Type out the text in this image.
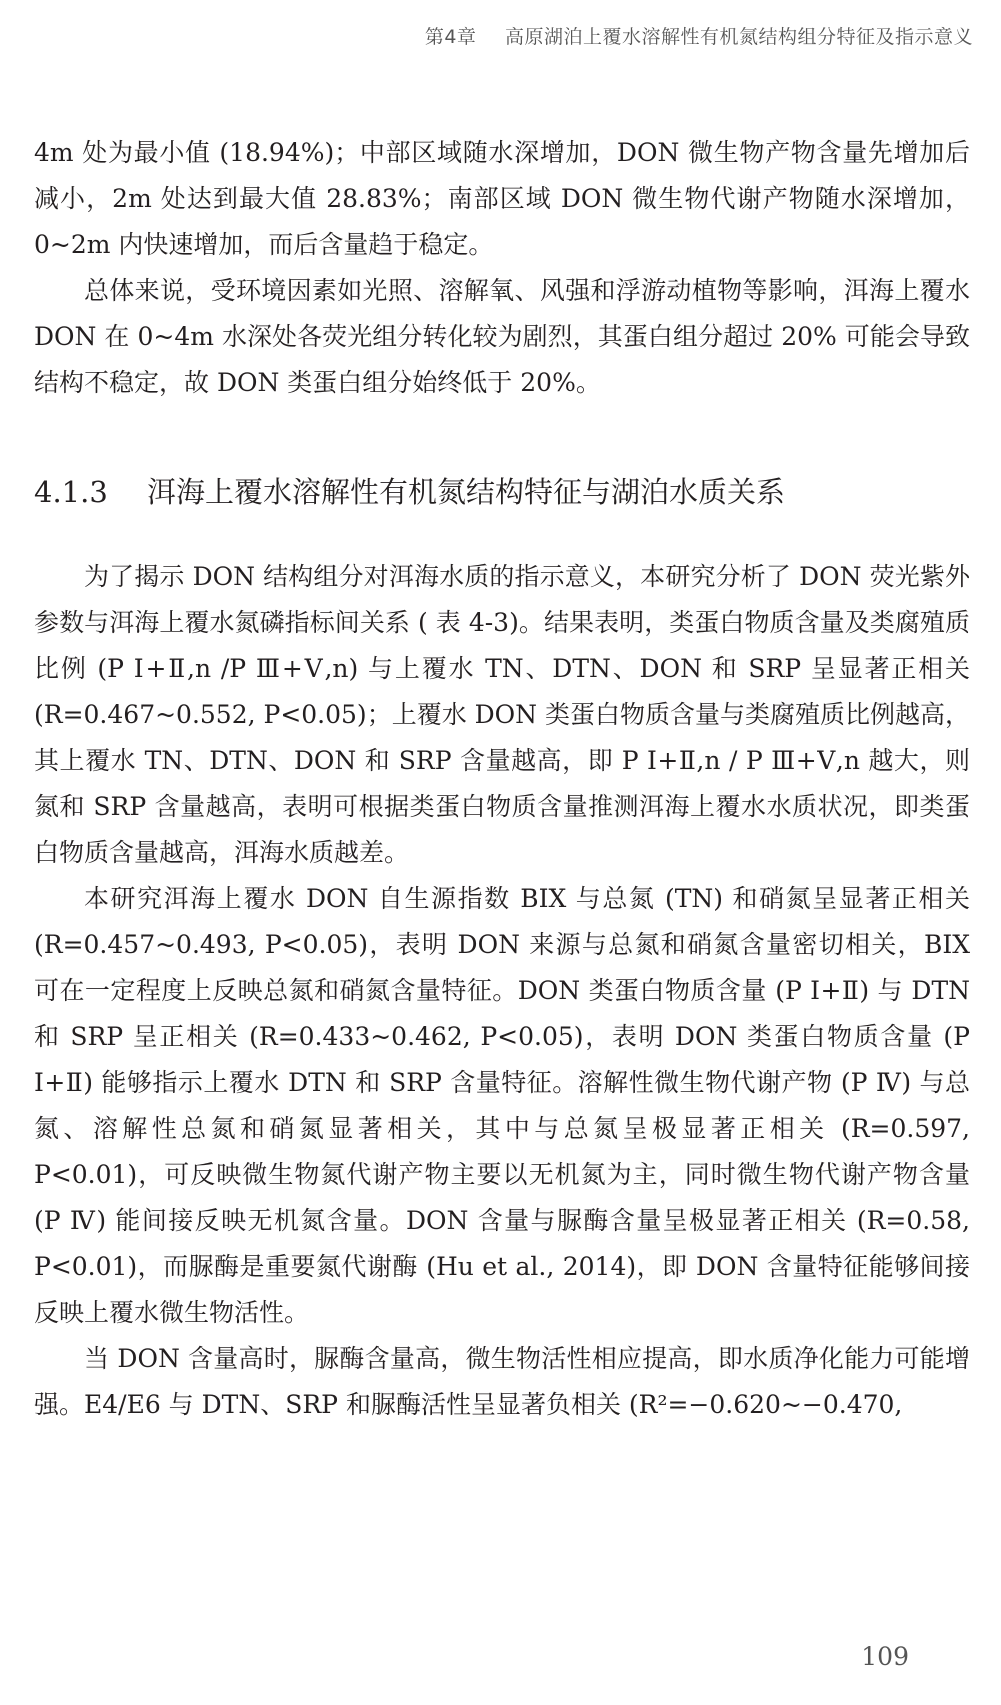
第4章 高原湖泊上覆水溶解性有机氮结构组分特征及指示意义

4m 处为最小值 (18.94%)；中部区域随水深增加，DON 微生物产物含量先增加后减小，2m 处达到最大值 28.83%；南部区域 DON 微生物代谢产物随水深增加，0~2m 内快速增加，而后含量趋于稳定。

总体来说，受环境因素如光照、溶解氧、风强和浮游动植物等影响，洱海上覆水 DON 在 0~4m 水深处各荧光组分转化较为剧烈，其蛋白组分超过 20% 可能会导致结构不稳定，故 DON 类蛋白组分始终低于 20%。

4.1.3 洱海上覆水溶解性有机氮结构特征与湖泊水质关系

为了揭示 DON 结构组分对洱海水质的指示意义，本研究分析了 DON 荧光紫外参数与洱海上覆水氮磷指标间关系 ( 表 4-3)。结果表明，类蛋白物质含量及类腐殖质比例 (P Ⅰ+Ⅱ,n /P Ⅲ+Ⅴ,n) 与上覆水 TN、DTN、DON 和 SRP 呈显著正相关 (R=0.467~0.552, P<0.05)；上覆水 DON 类蛋白物质含量与类腐殖质比例越高，其上覆水 TN、DTN、DON 和 SRP 含量越高，即 P Ⅰ+Ⅱ,n / P Ⅲ+Ⅴ,n 越大，则氮和 SRP 含量越高，表明可根据类蛋白物质含量推测洱海上覆水水质状况，即类蛋白物质含量越高，洱海水质越差。

本研究洱海上覆水 DON 自生源指数 BIX 与总氮 (TN) 和硝氮呈显著正相关 (R=0.457~0.493, P<0.05)，表明 DON 来源与总氮和硝氮含量密切相关，BIX 可在一定程度上反映总氮和硝氮含量特征。DON 类蛋白物质含量 (P Ⅰ+Ⅱ) 与 DTN 和 SRP 呈正相关 (R=0.433~0.462, P<0.05)，表明 DON 类蛋白物质含量 (P Ⅰ+Ⅱ) 能够指示上覆水 DTN 和 SRP 含量特征。溶解性微生物代谢产物 (P Ⅳ) 与总氮、溶解性总氮和硝氮显著相关，其中与总氮呈极显著正相关 (R=0.597, P<0.01)，可反映微生物氮代谢产物主要以无机氮为主，同时微生物代谢产物含量 (P Ⅳ) 能间接反映无机氮含量。DON 含量与脲酶含量呈极显著正相关 (R=0.58, P<0.01)，而脲酶是重要氮代谢酶 (Hu et al., 2014)，即 DON 含量特征能够间接反映上覆水微生物活性。

当 DON 含量高时，脲酶含量高，微生物活性相应提高，即水质净化能力可能增强。E4/E6 与 DTN、SRP 和脲酶活性呈显著负相关 (R²=−0.620~−0.470,

109
